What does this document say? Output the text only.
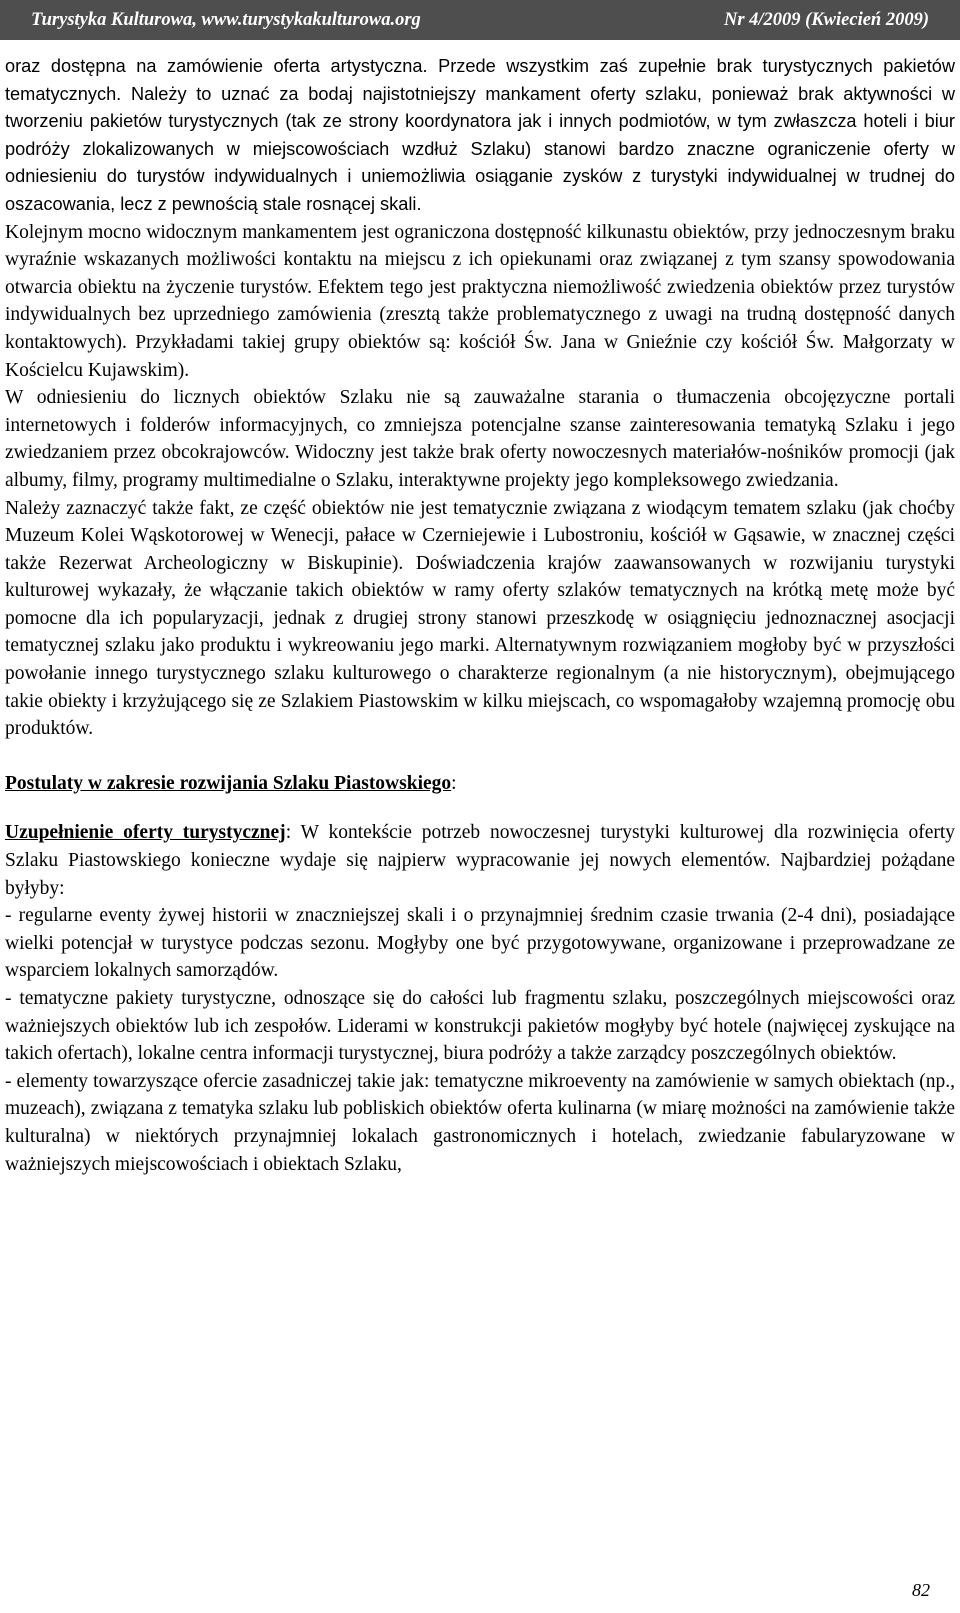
Turystyka Kulturowa, www.turystykakulturowa.org	Nr 4/2009 (Kwiecień 2009)

oraz dostępna na zamówienie oferta artystyczna. Przede wszystkim zaś zupełnie brak turystycznych pakietów tematycznych. Należy to uznać za bodaj najistotniejszy mankament oferty szlaku, ponieważ brak aktywności w tworzeniu pakietów turystycznych (tak ze strony koordynatora jak i innych podmiotów, w tym zwłaszcza hoteli i biur podróży zlokalizowanych w miejscowościach wzdłuż Szlaku) stanowi bardzo znaczne ograniczenie oferty w odniesieniu do turystów indywidualnych i uniemożliwia osiąganie zysków z turystyki indywidualnej w trudnej do oszacowania, lecz z pewnością stale rosnącej skali.

Kolejnym mocno widocznym mankamentem jest ograniczona dostępność kilkunastu obiektów, przy jednoczesnym braku wyraźnie wskazanych możliwości kontaktu na miejscu z ich opiekunami oraz związanej z tym szansy spowodowania otwarcia obiektu na życzenie turystów. Efektem tego jest praktyczna niemożliwość zwiedzenia obiektów przez turystów indywidualnych bez uprzedniego zamówienia (zresztą także problematycznego z uwagi na trudną dostępność danych kontaktowych). Przykładami takiej grupy obiektów są: kościół Św. Jana w Gnieźnie czy kościół Św. Małgorzaty w Kościelcu Kujawskim).

W odniesieniu do licznych obiektów Szlaku nie są zauważalne starania o tłumaczenia obcojęzyczne portali internetowych i folderów informacyjnych, co zmniejsza potencjalne szanse zainteresowania tematyką Szlaku i jego zwiedzaniem przez obcokrajowców. Widoczny jest także brak oferty nowoczesnych materiałów-nośników promocji (jak albumy, filmy, programy multimedialne o Szlaku, interaktywne projekty jego kompleksowego zwiedzania.

Należy zaznaczyć także fakt, ze część obiektów nie jest tematycznie związana z wiodącym tematem szlaku (jak choćby Muzeum Kolei Wąskotorowej w Wenecji, pałace w Czerniejewie i Lubostroniu, kościół w Gąsawie, w znacznej części także Rezerwat Archeologiczny w Biskupinie). Doświadczenia krajów zaawansowanych w rozwijaniu turystyki kulturowej wykazały, że włączanie takich obiektów w ramy oferty szlaków tematycznych na krótką metę może być pomocne dla ich popularyzacji, jednak z drugiej strony stanowi przeszkodę w osiągnięciu jednoznacznej asocjacji tematycznej szlaku jako produktu i wykreowaniu jego marki. Alternatywnym rozwiązaniem mogłoby być w przyszłości powołanie innego turystycznego szlaku kulturowego o charakterze regionalnym (a nie historycznym), obejmującego takie obiekty i krzyżującego się ze Szlakiem Piastowskim w kilku miejscach, co wspomagałoby wzajemną promocję obu produktów.

Postulaty w zakresie rozwijania Szlaku Piastowskiego:

Uzupełnienie oferty turystycznej: W kontekście potrzeb nowoczesnej turystyki kulturowej dla rozwinięcia oferty Szlaku Piastowskiego konieczne wydaje się najpierw wypracowanie jej nowych elementów. Najbardziej pożądane byłyby:

- regularne eventy żywej historii w znaczniejszej skali i o przynajmniej średnim czasie trwania (2-4 dni), posiadające wielki potencjał w turystyce podczas sezonu. Mogłyby one być przygotowywane, organizowane i przeprowadzane ze wsparciem lokalnych samorządów.

- tematyczne pakiety turystyczne, odnoszące się do całości lub fragmentu szlaku, poszczególnych miejscowości oraz ważniejszych obiektów lub ich zespołów. Liderami w konstrukcji pakietów mogłyby być hotele (najwięcej zyskujące na takich ofertach), lokalne centra informacji turystycznej, biura podróży a także zarządcy poszczególnych obiektów.

- elementy towarzyszące ofercie zasadniczej takie jak: tematyczne mikroeventy na zamówienie w samych obiektach (np., muzeach), związana z tematyka szlaku lub pobliskich obiektów oferta kulinarna (w miarę możności na zamówienie także kulturalna) w niektórych przynajmniej lokalach gastronomicznych i hotelach, zwiedzanie fabularyzowane w ważniejszych miejscowościach i obiektach Szlaku,

82
